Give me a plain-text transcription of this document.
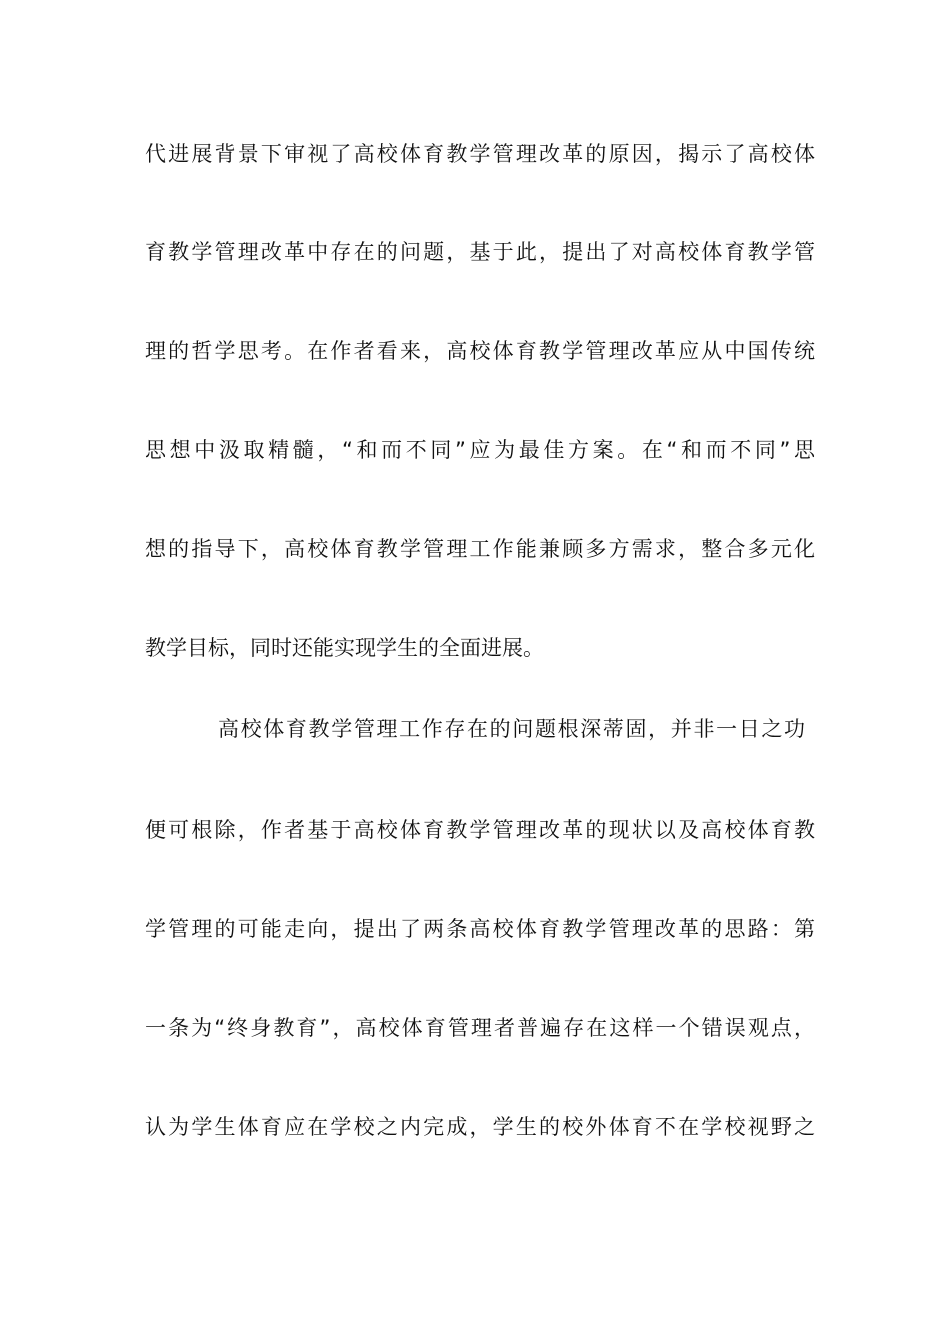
代进展背景下审视了高校体育教学管理改革的原因，揭示了高校体
育教学管理改革中存在的问题，基于此，提出了对高校体育教学管
理的哲学思考。在作者看来，高校体育教学管理改革应从中国传统
思想中汲取精髓，“和而不同”应为最佳方案。在“和而不同”思
想的指导下，高校体育教学管理工作能兼顾多方需求，整合多元化
教学目标，同时还能实现学生的全面进展。
高校体育教学管理工作存在的问题根深蒂固，并非一日之功
便可根除，作者基于高校体育教学管理改革的现状以及高校体育教
学管理的可能走向，提出了两条高校体育教学管理改革的思路：第
一条为“终身教育”，高校体育管理者普遍存在这样一个错误观点，
认为学生体育应在学校之内完成，学生的校外体育不在学校视野之
